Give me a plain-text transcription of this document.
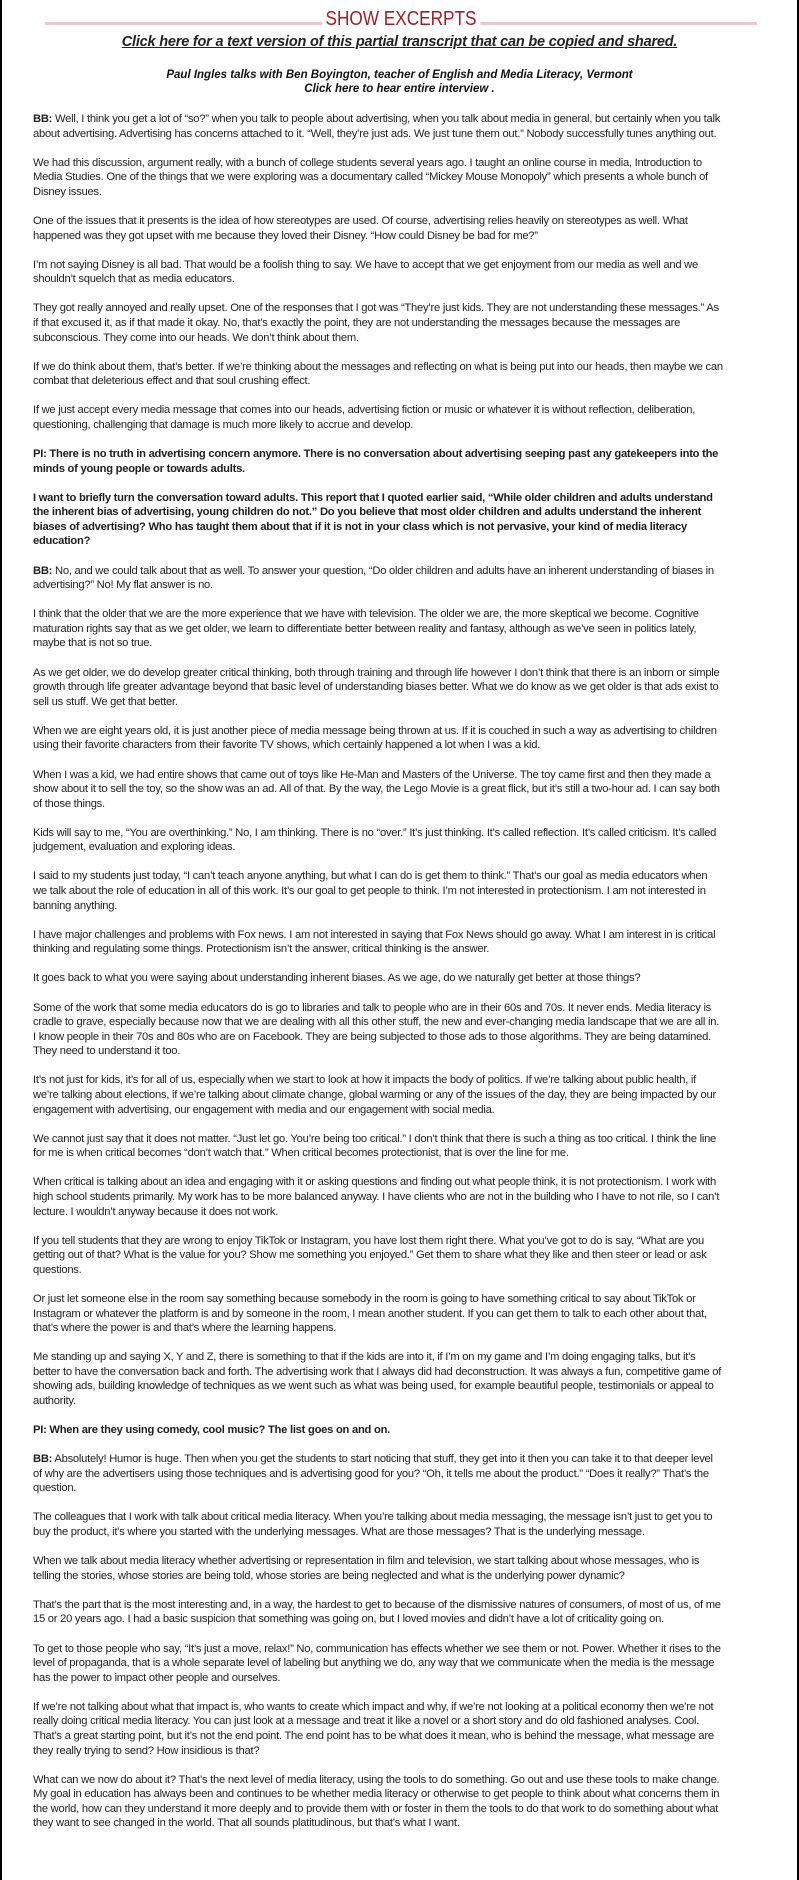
SHOW EXCERPTS
Click here for a text version of this partial transcript that can be copied and shared.
Paul Ingles talks with Ben Boyington, teacher of English and Media Literacy, Vermont
Click here to hear entire interview .

BB: Well, I think you get a lot of “so?” when you talk to people about advertising, when you talk about media in general, but certainly when you talk about advertising. Advertising has concerns attached to it. “Well, they’re just ads. We just tune them out.” Nobody successfully tunes anything out.

We had this discussion, argument really, with a bunch of college students several years ago. I taught an online course in media, Introduction to Media Studies. One of the things that we were exploring was a documentary called “Mickey Mouse Monopoly” which presents a whole bunch of Disney issues.

One of the issues that it presents is the idea of how stereotypes are used. Of course, advertising relies heavily on stereotypes as well. What happened was they got upset with me because they loved their Disney. “How could Disney be bad for me?”

I’m not saying Disney is all bad. That would be a foolish thing to say. We have to accept that we get enjoyment from our media as well and we shouldn’t squelch that as media educators.

They got really annoyed and really upset. One of the responses that I got was “They’re just kids. They are not understanding these messages.” As if that excused it, as if that made it okay. No, that’s exactly the point, they are not understanding the messages because the messages are subconscious. They come into our heads. We don’t think about them.

If we do think about them, that’s better. If we’re thinking about the messages and reflecting on what is being put into our heads, then maybe we can combat that deleterious effect and that soul crushing effect.

If we just accept every media message that comes into our heads, advertising fiction or music or whatever it is without reflection, deliberation, questioning, challenging that damage is much more likely to accrue and develop.

PI: There is no truth in advertising concern anymore. There is no conversation about advertising seeping past any gatekeepers into the minds of young people or towards adults.

I want to briefly turn the conversation toward adults. This report that I quoted earlier said, “While older children and adults understand the inherent bias of advertising, young children do not.” Do you believe that most older children and adults understand the inherent biases of advertising? Who has taught them about that if it is not in your class which is not pervasive, your kind of media literacy education?

BB: No, and we could talk about that as well. To answer your question, “Do older children and adults have an inherent understanding of biases in advertising?” No! My flat answer is no.

I think that the older that we are the more experience that we have with television. The older we are, the more skeptical we become. Cognitive maturation rights say that as we get older, we learn to differentiate better between reality and fantasy, although as we’ve seen in politics lately, maybe that is not so true.

As we get older, we do develop greater critical thinking, both through training and through life however I don’t think that there is an inborn or simple growth through life greater advantage beyond that basic level of understanding biases better. What we do know as we get older is that ads exist to sell us stuff. We get that better.

When we are eight years old, it is just another piece of media message being thrown at us. If it is couched in such a way as advertising to children using their favorite characters from their favorite TV shows, which certainly happened a lot when I was a kid.

When I was a kid, we had entire shows that came out of toys like He-Man and Masters of the Universe. The toy came first and then they made a show about it to sell the toy, so the show was an ad. All of that. By the way, the Lego Movie is a great flick, but it’s still a two-hour ad. I can say both of those things.

Kids will say to me, “You are overthinking.” No, I am thinking. There is no “over.” It’s just thinking. It’s called reflection. It’s called criticism. It’s called judgement, evaluation and exploring ideas.

I said to my students just today, “I can’t teach anyone anything, but what I can do is get them to think.” That’s our goal as media educators when we talk about the role of education in all of this work. It’s our goal to get people to think. I’m not interested in protectionism. I am not interested in banning anything.

I have major challenges and problems with Fox news. I am not interested in saying that Fox News should go away. What I am interest in is critical thinking and regulating some things. Protectionism isn’t the answer, critical thinking is the answer.

It goes back to what you were saying about understanding inherent biases. As we age, do we naturally get better at those things?

Some of the work that some media educators do is go to libraries and talk to people who are in their 60s and 70s. It never ends. Media literacy is cradle to grave, especially because now that we are dealing with all this other stuff, the new and ever-changing media landscape that we are all in. I know people in their 70s and 80s who are on Facebook. They are being subjected to those ads to those algorithms. They are being datamined. They need to understand it too.

It’s not just for kids, it’s for all of us, especially when we start to look at how it impacts the body of politics. If we’re talking about public health, if we’re talking about elections, if we’re talking about climate change, global warming or any of the issues of the day, they are being impacted by our engagement with advertising, our engagement with media and our engagement with social media.

We cannot just say that it does not matter. “Just let go. You’re being too critical.” I don’t think that there is such a thing as too critical. I think the line for me is when critical becomes “don’t watch that.” When critical becomes protectionist, that is over the line for me.

When critical is talking about an idea and engaging with it or asking questions and finding out what people think, it is not protectionism. I work with high school students primarily. My work has to be more balanced anyway. I have clients who are not in the building who I have to not rile, so I can’t lecture. I wouldn’t anyway because it does not work.

If you tell students that they are wrong to enjoy TikTok or Instagram, you have lost them right there. What you’ve got to do is say, “What are you getting out of that? What is the value for you? Show me something you enjoyed.” Get them to share what they like and then steer or lead or ask questions.

Or just let someone else in the room say something because somebody in the room is going to have something critical to say about TikTok or Instagram or whatever the platform is and by someone in the room, I mean another student. If you can get them to talk to each other about that, that’s where the power is and that’s where the learning happens.

Me standing up and saying X, Y and Z, there is something to that if the kids are into it, if I’m on my game and I’m doing engaging talks, but it’s better to have the conversation back and forth. The advertising work that I always did had deconstruction. It was always a fun, competitive game of showing ads, building knowledge of techniques as we went such as what was being used, for example beautiful people, testimonials or appeal to authority.

PI: When are they using comedy, cool music? The list goes on and on.

BB: Absolutely! Humor is huge. Then when you get the students to start noticing that stuff, they get into it then you can take it to that deeper level of why are the advertisers using those techniques and is advertising good for you? “Oh, it tells me about the product.” “Does it really?” That’s the question.

The colleagues that I work with talk about critical media literacy. When you’re talking about media messaging, the message isn’t just to get you to buy the product, it’s where you started with the underlying messages. What are those messages? That is the underlying message.

When we talk about media literacy whether advertising or representation in film and television, we start talking about whose messages, who is telling the stories, whose stories are being told, whose stories are being neglected and what is the underlying power dynamic?

That’s the part that is the most interesting and, in a way, the hardest to get to because of the dismissive natures of consumers, of most of us, of me 15 or 20 years ago. I had a basic suspicion that something was going on, but I loved movies and didn’t have a lot of criticality going on.

To get to those people who say, “It’s just a move, relax!” No, communication has effects whether we see them or not. Power. Whether it rises to the level of propaganda, that is a whole separate level of labeling but anything we do, any way that we communicate when the media is the message has the power to impact other people and ourselves.

If we’re not talking about what that impact is, who wants to create which impact and why, if we’re not looking at a political economy then we’re not really doing critical media literacy. You can just look at a message and treat it like a novel or a short story and do old fashioned analyses. Cool. That’s a great starting point, but it’s not the end point. The end point has to be what does it mean, who is behind the message, what message are they really trying to send? How insidious is that?

What can we now do about it? That’s the next level of media literacy, using the tools to do something. Go out and use these tools to make change. My goal in education has always been and continues to be whether media literacy or otherwise to get people to think about what concerns them in the world, how can they understand it more deeply and to provide them with or foster in them the tools to do that work to do something about what they want to see changed in the world. That all sounds platitudinous, but that’s what I want.
